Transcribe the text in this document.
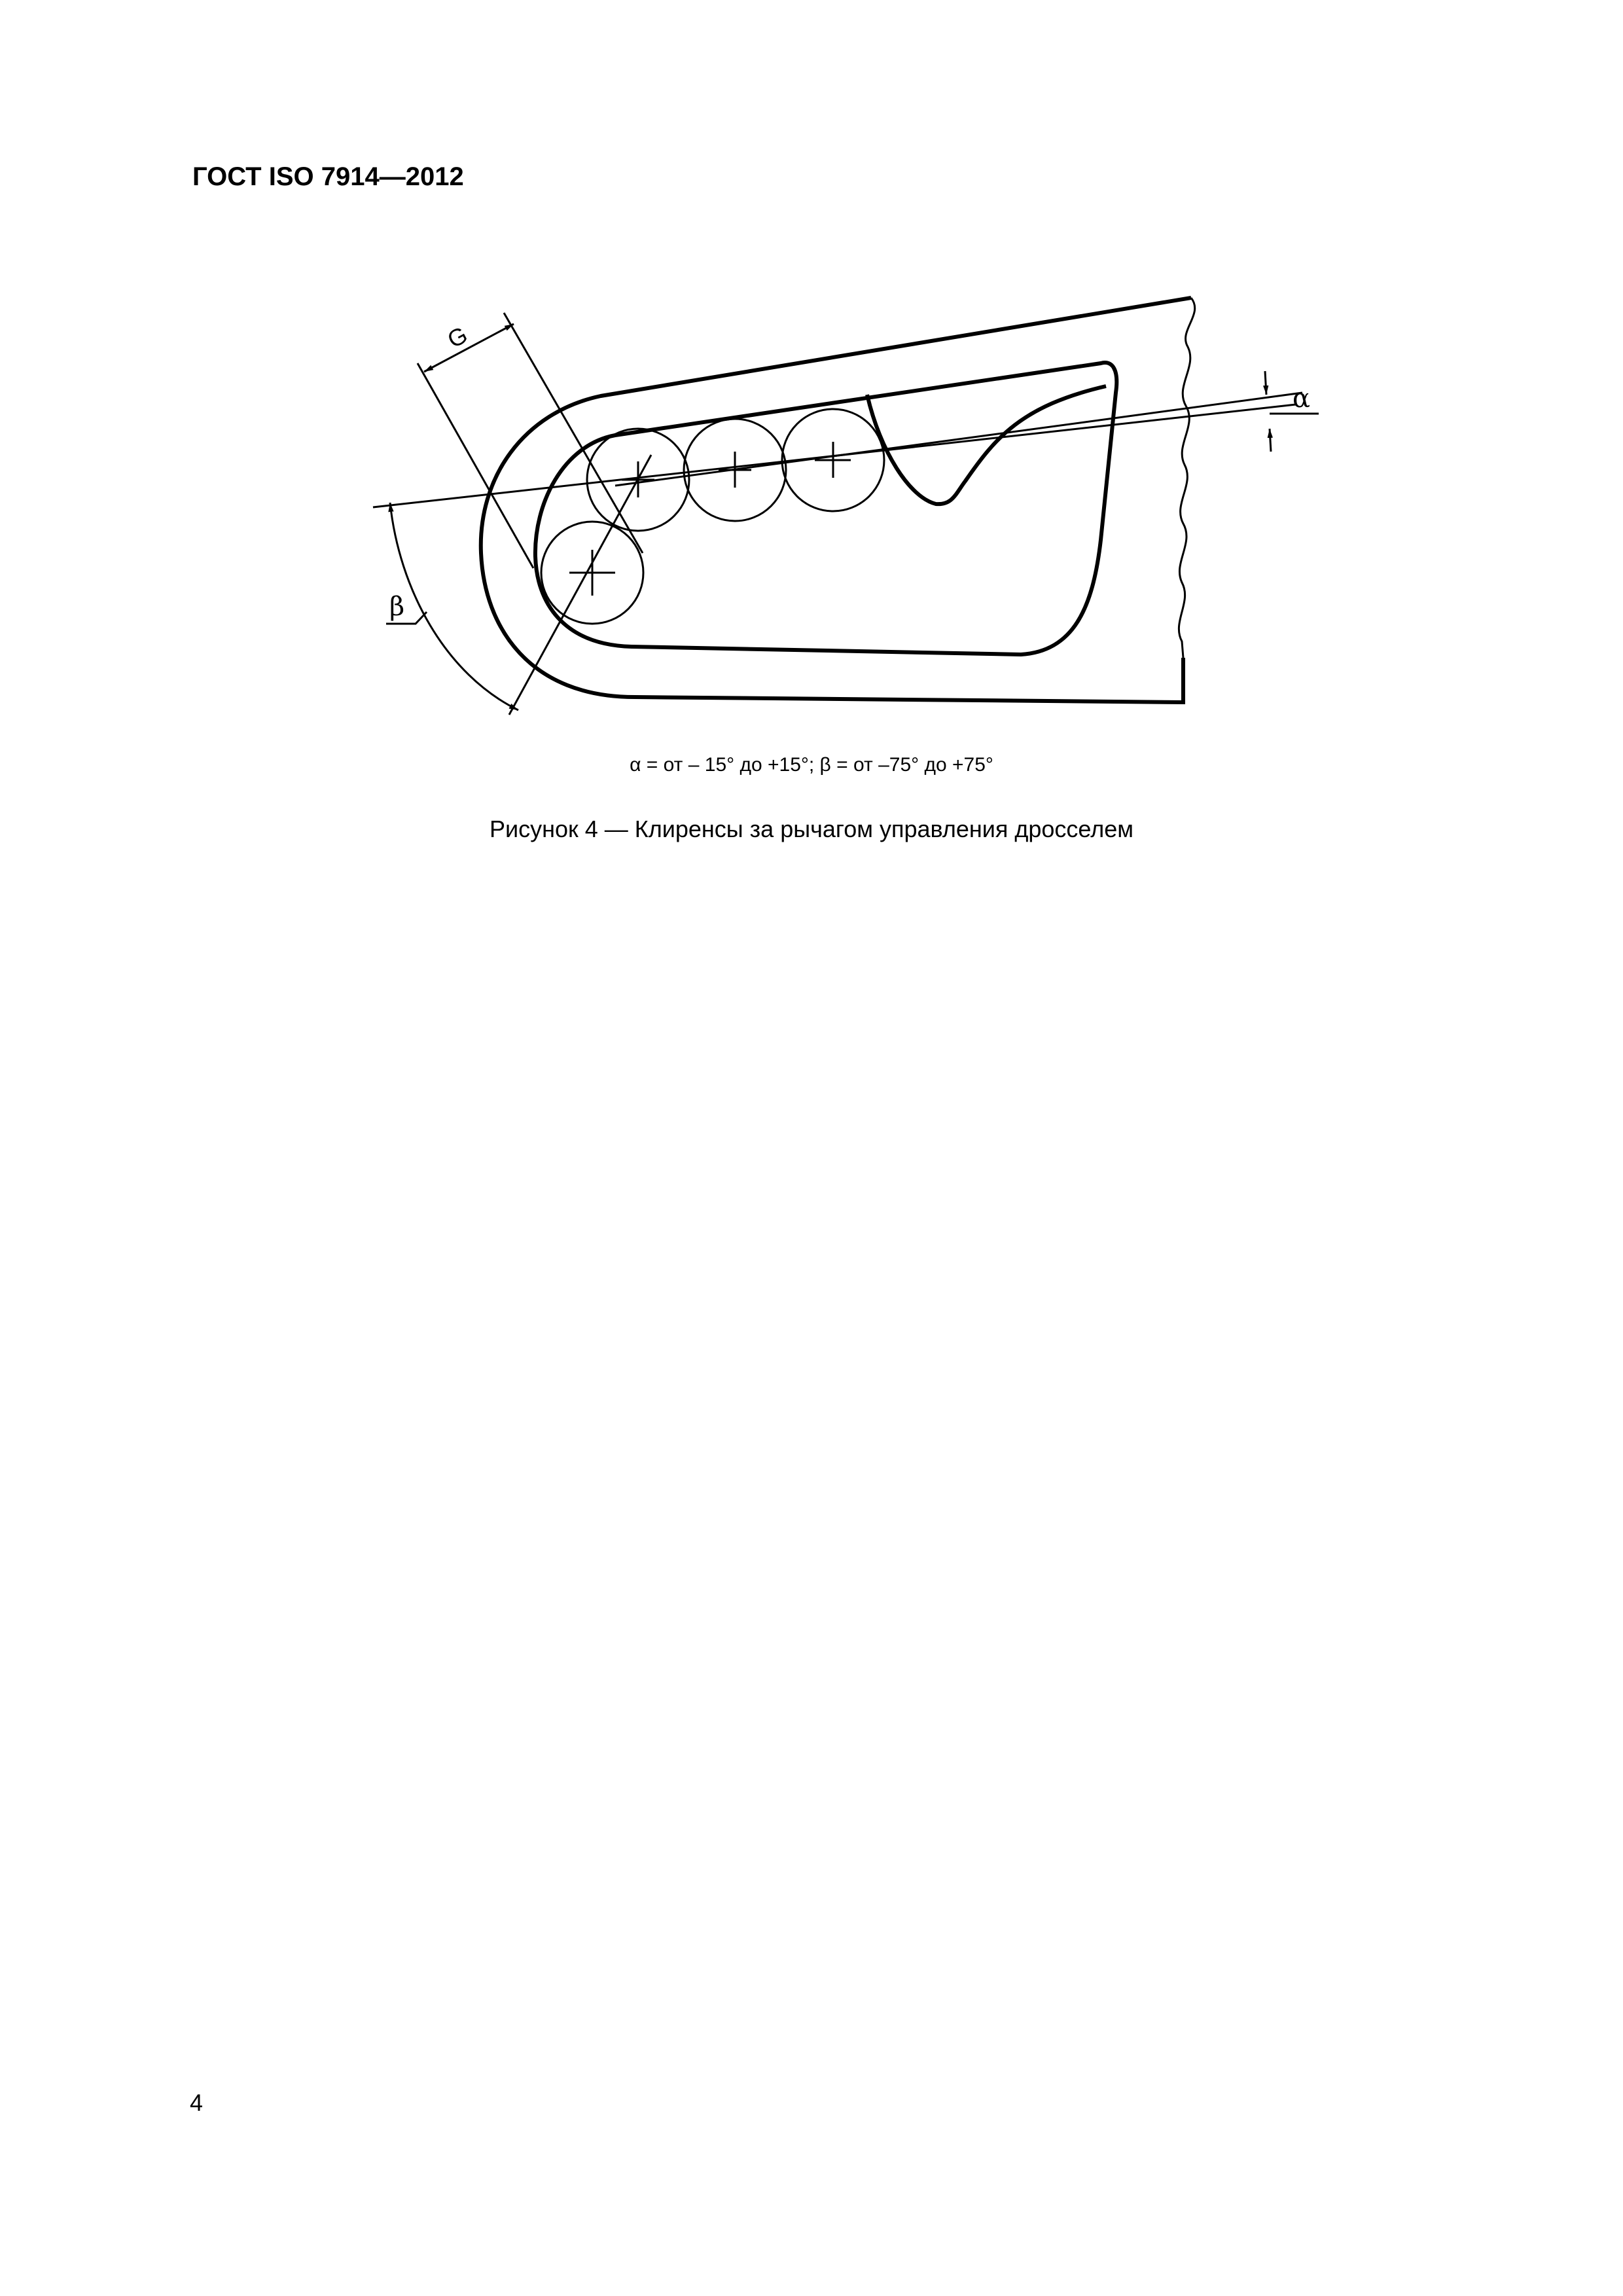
ГОСТ ISO 7914—2012
G
β
α
α = от – 15° до +15°; β = от –75° до +75°
Рисунок 4 — Клиренсы за рычагом управления дросселем
4
